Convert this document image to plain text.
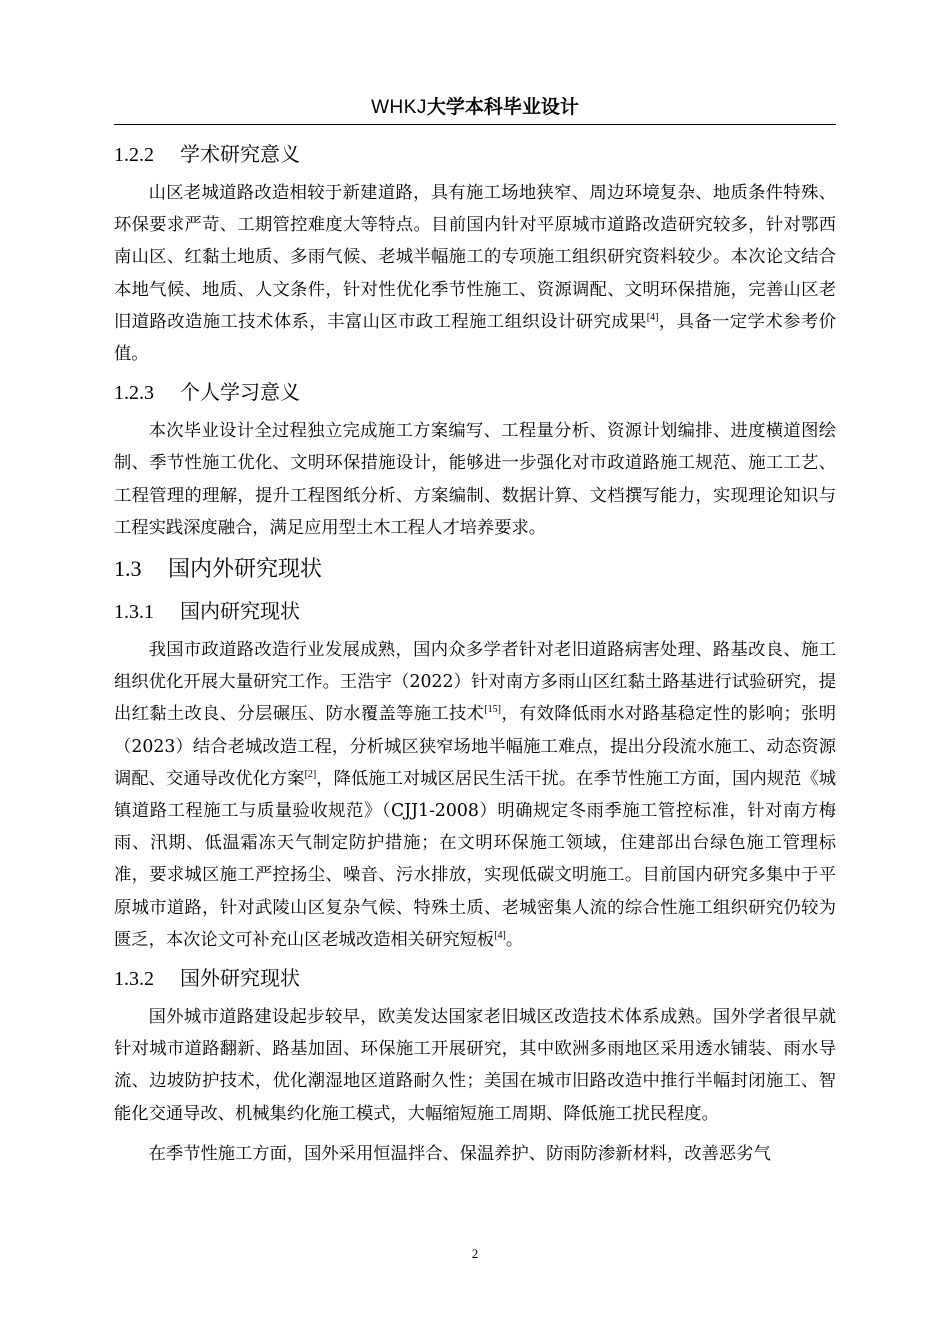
WHKJ大学本科毕业设计
1.2.2 学术研究意义

山区老城道路改造相较于新建道路，具有施工场地狭窄、周边环境复杂、地质条件特殊、环保要求严苛、工期管控难度大等特点。目前国内针对平原城市道路改造研究较多，针对鄂西南山区、红黏土地质、多雨气候、老城半幅施工的专项施工组织研究资料较少。本次论文结合本地气候、地质、人文条件，针对性优化季节性施工、资源调配、文明环保措施，完善山区老旧道路改造施工技术体系，丰富山区市政工程施工组织设计研究成果[4]，具备一定学术参考价值。

1.2.3 个人学习意义

本次毕业设计全过程独立完成施工方案编写、工程量分析、资源计划编排、进度横道图绘制、季节性施工优化、文明环保措施设计，能够进一步强化对市政道路施工规范、施工工艺、工程管理的理解，提升工程图纸分析、方案编制、数据计算、文档撰写能力，实现理论知识与工程实践深度融合，满足应用型土木工程人才培养要求。

1.3 国内外研究现状
1.3.1 国内研究现状

我国市政道路改造行业发展成熟，国内众多学者针对老旧道路病害处理、路基改良、施工组织优化开展大量研究工作。王浩宇（2022）针对南方多雨山区红黏土路基进行试验研究，提出红黏土改良、分层碾压、防水覆盖等施工技术[15]，有效降低雨水对路基稳定性的影响；张明（2023）结合老城改造工程，分析城区狭窄场地半幅施工难点，提出分段流水施工、动态资源调配、交通导改优化方案[2]，降低施工对城区居民生活干扰。在季节性施工方面，国内规范《城镇道路工程施工与质量验收规范》（CJJ1-2008）明确规定冬雨季施工管控标准，针对南方梅雨、汛期、低温霜冻天气制定防护措施；在文明环保施工领域，住建部出台绿色施工管理标准，要求城区施工严控扬尘、噪音、污水排放，实现低碳文明施工。目前国内研究多集中于平原城市道路，针对武陵山区复杂气候、特殊土质、老城密集人流的综合性施工组织研究仍较为匮乏，本次论文可补充山区老城改造相关研究短板[4]。

1.3.2 国外研究现状

国外城市道路建设起步较早，欧美发达国家老旧城区改造技术体系成熟。国外学者很早就针对城市道路翻新、路基加固、环保施工开展研究，其中欧洲多雨地区采用透水铺装、雨水导流、边坡防护技术，优化潮湿地区道路耐久性；美国在城市旧路改造中推行半幅封闭施工、智能化交通导改、机械集约化施工模式，大幅缩短施工周期、降低施工扰民程度。

在季节性施工方面，国外采用恒温拌合、保温养护、防雨防渗新材料，改善恶劣气

2
